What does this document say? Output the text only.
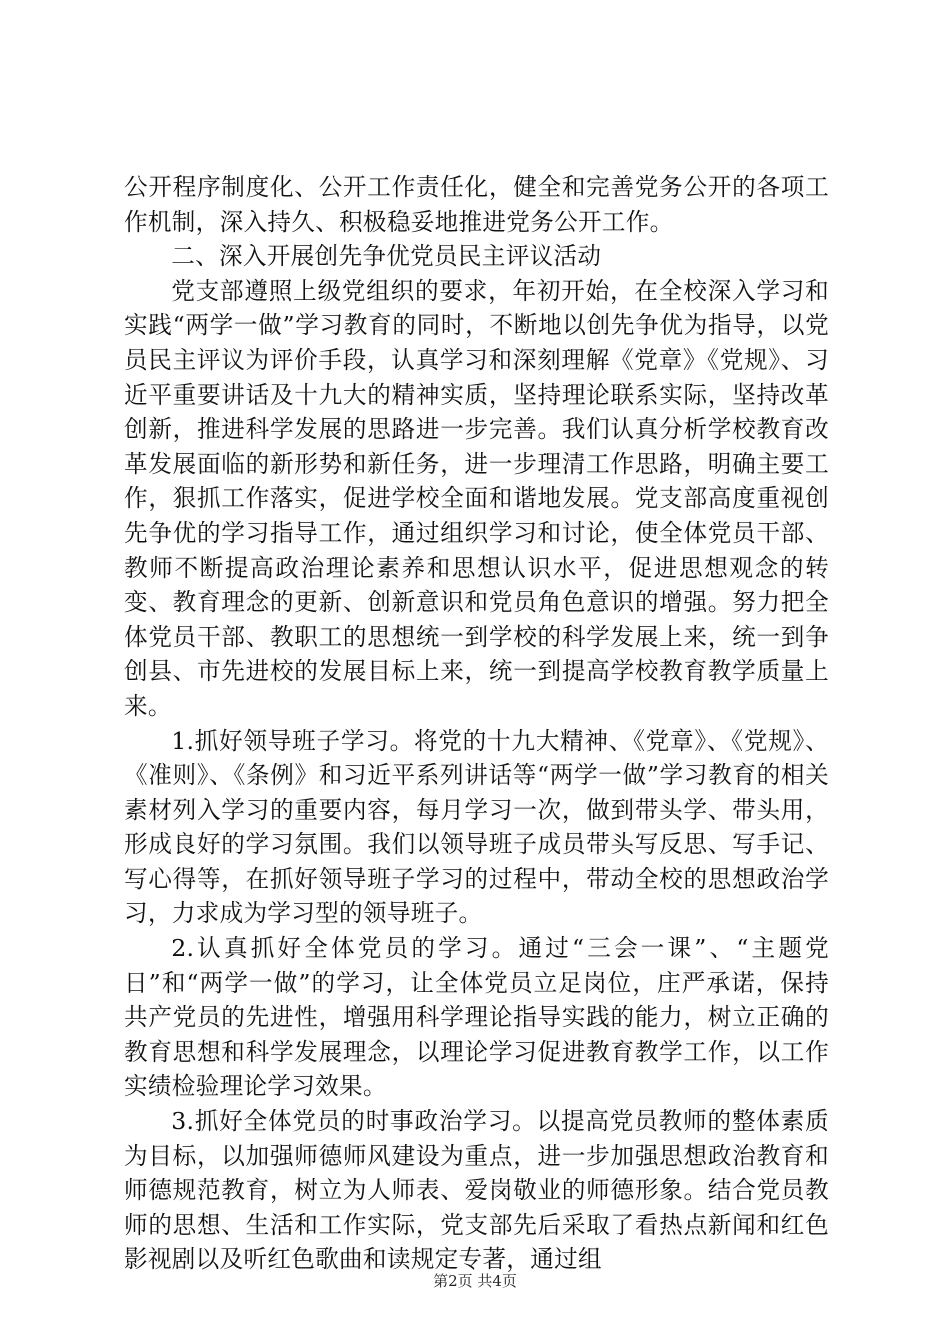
公开程序制度化、公开工作责任化，健全和完善党务公开的各项工作机制，深入持久、积极稳妥地推进党务公开工作。

二、深入开展创先争优党员民主评议活动

党支部遵照上级党组织的要求，年初开始，在全校深入学习和实践“两学一做”学习教育的同时，不断地以创先争优为指导，以党员民主评议为评价手段，认真学习和深刻理解《党章》《党规》、习近平重要讲话及十九大的精神实质，坚持理论联系实际，坚持改革创新，推进科学发展的思路进一步完善。我们认真分析学校教育改革发展面临的新形势和新任务，进一步理清工作思路，明确主要工作，狠抓工作落实，促进学校全面和谐地发展。党支部高度重视创先争优的学习指导工作，通过组织学习和讨论，使全体党员干部、教师不断提高政治理论素养和思想认识水平，促进思想观念的转变、教育理念的更新、创新意识和党员角色意识的增强。努力把全体党员干部、教职工的思想统一到学校的科学发展上来，统一到争创县、市先进校的发展目标上来，统一到提高学校教育教学质量上来。

1.抓好领导班子学习。将党的十九大精神、《党章》、《党规》、《准则》、《条例》和习近平系列讲话等“两学一做”学习教育的相关素材列入学习的重要内容，每月学习一次，做到带头学、带头用，形成良好的学习氛围。我们以领导班子成员带头写反思、写手记、写心得等，在抓好领导班子学习的过程中，带动全校的思想政治学习，力求成为学习型的领导班子。

2.认真抓好全体党员的学习。通过“三会一课”、“主题党日”和“两学一做”的学习，让全体党员立足岗位，庄严承诺，保持共产党员的先进性，增强用科学理论指导实践的能力，树立正确的教育思想和科学发展理念，以理论学习促进教育教学工作，以工作实绩检验理论学习效果。

3.抓好全体党员的时事政治学习。以提高党员教师的整体素质为目标，以加强师德师风建设为重点，进一步加强思想政治教育和师德规范教育，树立为人师表、爱岗敬业的师德形象。结合党员教师的思想、生活和工作实际，党支部先后采取了看热点新闻和红色影视剧以及听红色歌曲和读规定专著，通过组

第2页 共4页
